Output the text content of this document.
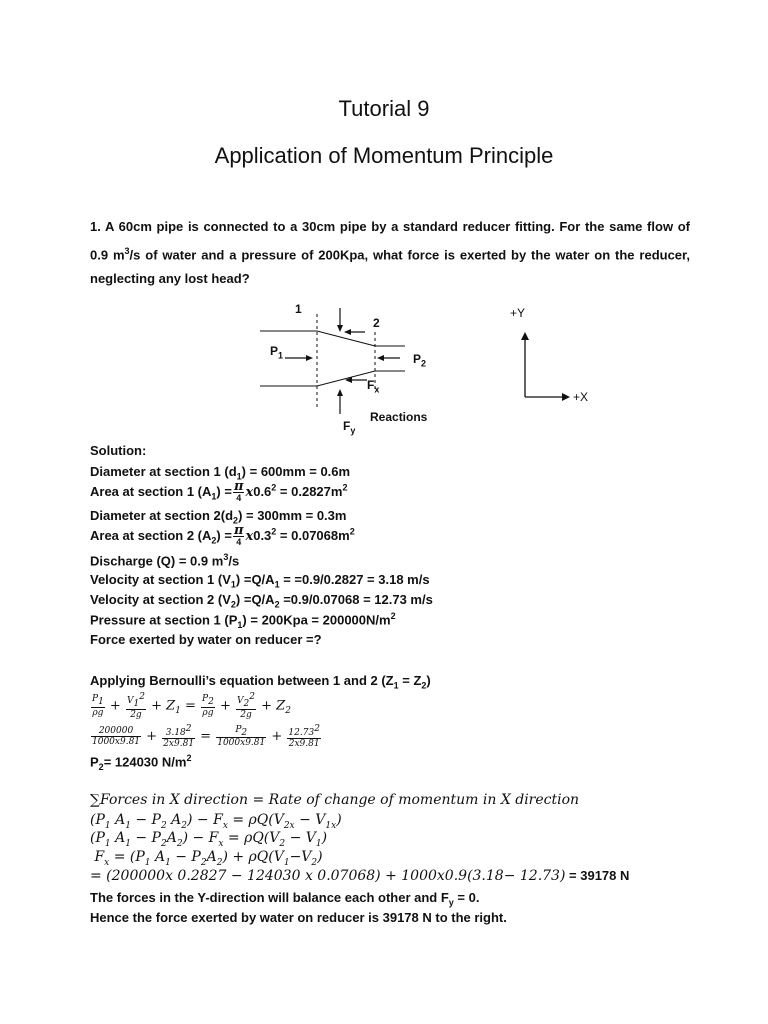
Tutorial 9
Application of Momentum Principle

1. A 60cm pipe is connected to a 30cm pipe by a standard reducer fitting. For the same flow of 0.9 $m^3/s$ of water and a pressure of 200Kpa, what force is exerted by the water on the reducer, neglecting any lost head?

1
2
$P_1$	$P_2$
$F_x$
$F_y$
Reactions
+Y
+X
Solution:
Diameter at section 1 $(d_1) = 600mm = 0.6m$
Area at section 1 $(A_1) = \frac{\pi}{4} x0.6^2 = 0.2827m^2$
Diameter at section $2(d_2) = 300mm = 0.3m$
Area at section 2 $(A_2) = \frac{\pi}{4} x0.3^2 = 0.07068m^2$
Discharge (Q) = 0.9 $m^3/s$
Velocity at section 1 $(V_1) =Q/A_1 = =0.9/0.2827 = 3.18$ m/s
Velocity at section 2 $(V_2) =Q/A_2 =0.9/0.07068 = 12.73$ m/s
Pressure at section 1 $(P_1) = 200Kpa = 200000N/m^2$
Force exerted by water on reducer =?
Applying Bernoulli’s equation between 1 and 2 $(Z_1 = Z_2)$
$\frac{P_1}{\rho g} + \frac{V_1^2}{2g} + Z_1 = \frac{P_2}{\rho g} + \frac{V_2^2}{2g} + Z_2$
$\frac{200000}{1000x9.81} + \frac{3.18^2}{2x9.81} = \frac{P_2}{1000x9.81} + \frac{12.73^2}{2x9.81}$
$P_2= 124030$ $N/m^2$
∑Forces in X direction = Rate of change of momentum in X direction
($P_1$ $A_1 - P_2$ $A_2) - F_x = \rho Q(V_{2x} - V_{1x})$
($P_1$ $A_1 - P_2A_2) - F_x = \rho Q(V_2 - V_1)$
$F_x = (P_1$ $A_1 - P_2A_2) + \rho Q(V_1-V_2)$
= (200000x 0.2827 − 124030 x 0.07068) + 1000x0.9(3.18− 12.73) = 39178 N
The forces in the Y-direction will balance each other and $F_y = 0$.
Hence the force exerted by water on reducer is 39178 N to the right.
